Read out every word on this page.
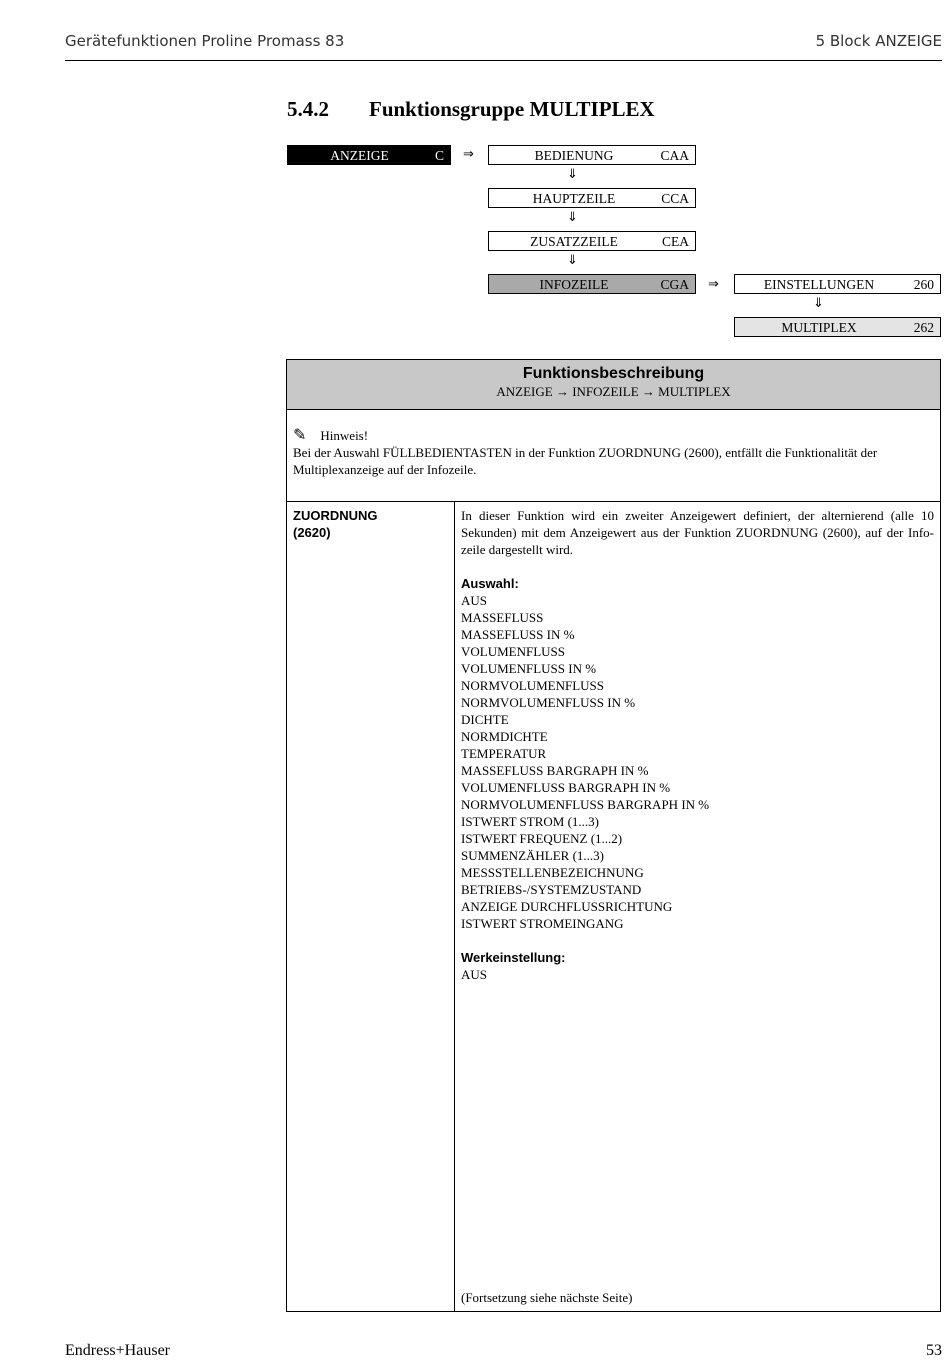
Gerätefunktionen Proline Promass 83	5 Block ANZEIGE
5.4.2 Funktionsgruppe MULTIPLEX
ANZEIGE	C ⇒	BEDIENUNG	CAA
⇓
HAUPTZEILE	CCA
⇓
ZUSATZZEILE	CEA
⇓
INFOZEILE	CGA ⇒	EINSTELLUNGEN	260
⇓
MULTIPLEX	262
Funktionsbeschreibung
ANZEIGE → INFOZEILE → MULTIPLEX
✎ Hinweis!
Bei der Auswahl FÜLLBEDIENTASTEN in der Funktion ZUORDNUNG (2600), entfällt die Funktionalität der Multiplexanzeige auf der Infozeile.
ZUORDNUNG
(2620)
In dieser Funktion wird ein zweiter Anzeigewert definiert, der alternierend (alle 10 Sekunden) mit dem Anzeigewert aus der Funktion ZUORDNUNG (2600), auf der Info-zeile dargestellt wird.
Auswahl:
AUS
MASSEFLUSS
MASSEFLUSS IN %
VOLUMENFLUSS
VOLUMENFLUSS IN %
NORMVOLUMENFLUSS
NORMVOLUMENFLUSS IN %
DICHTE
NORMDICHTE
TEMPERATUR
MASSEFLUSS BARGRAPH IN %
VOLUMENFLUSS BARGRAPH IN %
NORMVOLUMENFLUSS BARGRAPH IN %
ISTWERT STROM (1...3)
ISTWERT FREQUENZ (1...2)
SUMMENZÄHLER (1...3)
MESSSTELLENBEZEICHNUNG
BETRIEBS-/SYSTEMZUSTAND
ANZEIGE DURCHFLUSSRICHTUNG
ISTWERT STROMEINGANG
Werkeinstellung:
AUS
(Fortsetzung siehe nächste Seite)
Endress+Hauser	53
